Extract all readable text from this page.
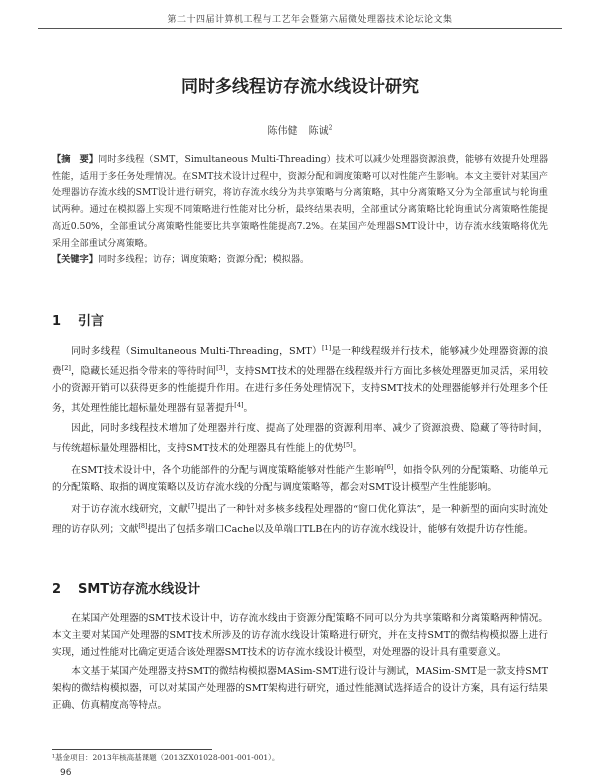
第二十四届计算机工程与工艺年会暨第六届微处理器技术论坛论文集
同时多线程访存流水线设计研究
陈伟健 陈诚$^2$
【摘　要】同时多线程（SMT，Simultaneous Multi-Threading）技术可以减少处理器资源浪费，能够有效提升处理器性能，适用于多任务处理情况。在SMT技术设计过程中，资源分配和调度策略可以对性能产生影响。本文主要针对某国产处理器访存流水线的SMT设计进行研究，将访存流水线分为共享策略与分离策略，其中分离策略又分为全部重试与轮询重试两种。通过在模拟器上实现不同策略进行性能对比分析，最终结果表明，全部重试分离策略比轮询重试分离策略性能提高近0.50%，全部重试分离策略性能要比共享策略性能提高7.2%。在某国产处理器SMT设计中，访存流水线策略将优先采用全部重试分离策略。
【关键字】同时多线程；访存；调度策略；资源分配；模拟器。
1 引言

同时多线程（Simultaneous Multi-Threading，SMT）[1]是一种线程级并行技术，能够减少处理器资源的浪费[2]，隐藏长延迟指令带来的等待时间[3]，支持SMT技术的处理器在线程级并行方面比多核处理器更加灵活，采用较小的资源开销可以获得更多的性能提升作用。在进行多任务处理情况下，支持SMT技术的处理器能够并行处理多个任务，其处理性能比超标量处理器有显著提升[4]。

因此，同时多线程技术增加了处理器并行度、提高了处理器的资源利用率、减少了资源浪费、隐藏了等待时间，与传统超标量处理器相比，支持SMT技术的处理器具有性能上的优势[5]。

在SMT技术设计中，各个功能部件的分配与调度策略能够对性能产生影响[6]，如指令队列的分配策略、功能单元的分配策略、取指的调度策略以及访存流水线的分配与调度策略等，都会对SMT设计模型产生性能影响。

对于访存流水线研究，文献[7]提出了一种针对多核多线程处理器的“窗口优化算法”，是一种新型的面向实时流处理的访存队列；文献[8]提出了包括多端口Cache以及单端口TLB在内的访存流水线设计，能够有效提升访存性能。

2 SMT访存流水线设计

在某国产处理器的SMT技术设计中，访存流水线由于资源分配策略不同可以分为共享策略和分离策略两种情况。本文主要对某国产处理器的SMT技术所涉及的访存流水线设计策略进行研究，并在支持SMT的微结构模拟器上进行实现，通过性能对比确定更适合该处理器SMT技术的访存流水线设计模型，对处理器的设计具有重要意义。

本文基于某国产处理器支持SMT的微结构模拟器MASim-SMT进行设计与测试，MASim-SMT是一款支持SMT架构的微结构模拟器，可以对某国产处理器的SMT架构进行研究，通过性能测试选择适合的设计方案，具有运行结果正确、仿真精度高等特点。

¹基金项目：2013年核高基课题（2013ZX01028-001-001-001）。
96
